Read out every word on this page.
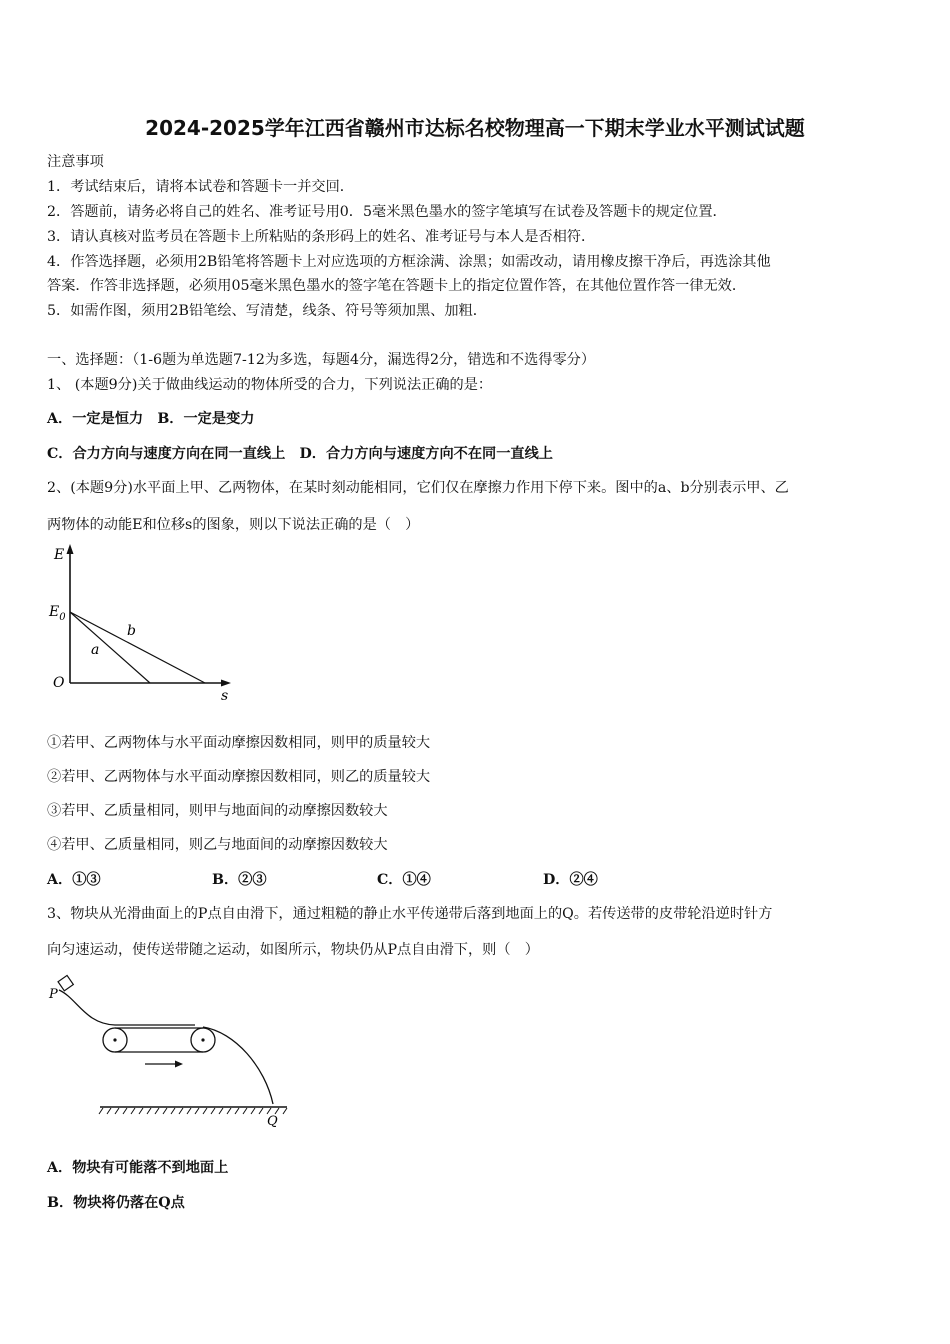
2024-2025学年江西省赣州市达标名校物理高一下期末学业水平测试试题
注意事项
1．考试结束后，请将本试卷和答题卡一并交回．
2．答题前，请务必将自己的姓名、准考证号用0．5毫米黑色墨水的签字笔填写在试卷及答题卡的规定位置．
3．请认真核对监考员在答题卡上所粘贴的条形码上的姓名、准考证号与本人是否相符．
4．作答选择题，必须用2B铅笔将答题卡上对应选项的方框涂满、涂黑；如需改动，请用橡皮擦干净后，再选涂其他
答案．作答非选择题，必须用05毫米黑色墨水的签字笔在答题卡上的指定位置作答，在其他位置作答一律无效．
5．如需作图，须用2B铅笔绘、写清楚，线条、符号等须加黑、加粗．
一、选择题：（1-6题为单选题7-12为多选，每题4分，漏选得2分，错选和不选得零分）
1、 (本题9分)关于做曲线运动的物体所受的合力，下列说法正确的是：
A．一定是恒力　B．一定是变力
C．合力方向与速度方向在同一直线上　D．合力方向与速度方向不在同一直线上
2、(本题9分)水平面上甲、乙两物体，在某时刻动能相同，它们仅在摩擦力作用下停下来。图中的a、b分别表示甲、乙
两物体的动能E和位移s的图象，则以下说法正确的是（　）
E
$E_0$
O
s
a
b
①若甲、乙两物体与水平面动摩擦因数相同，则甲的质量较大
②若甲、乙两物体与水平面动摩擦因数相同，则乙的质量较大
③若甲、乙质量相同，则甲与地面间的动摩擦因数较大
④若甲、乙质量相同，则乙与地面间的动摩擦因数较大
A．①③	B．②③	C．①④	D．②④
3、物块从光滑曲面上的P点自由滑下，通过粗糙的静止水平传递带后落到地面上的Q。若传送带的皮带轮沿逆时针方
向匀速运动，使传送带随之运动，如图所示，物块仍从P点自由滑下，则（　）
P
Q
A．物块有可能落不到地面上
B．物块将仍落在Q点
